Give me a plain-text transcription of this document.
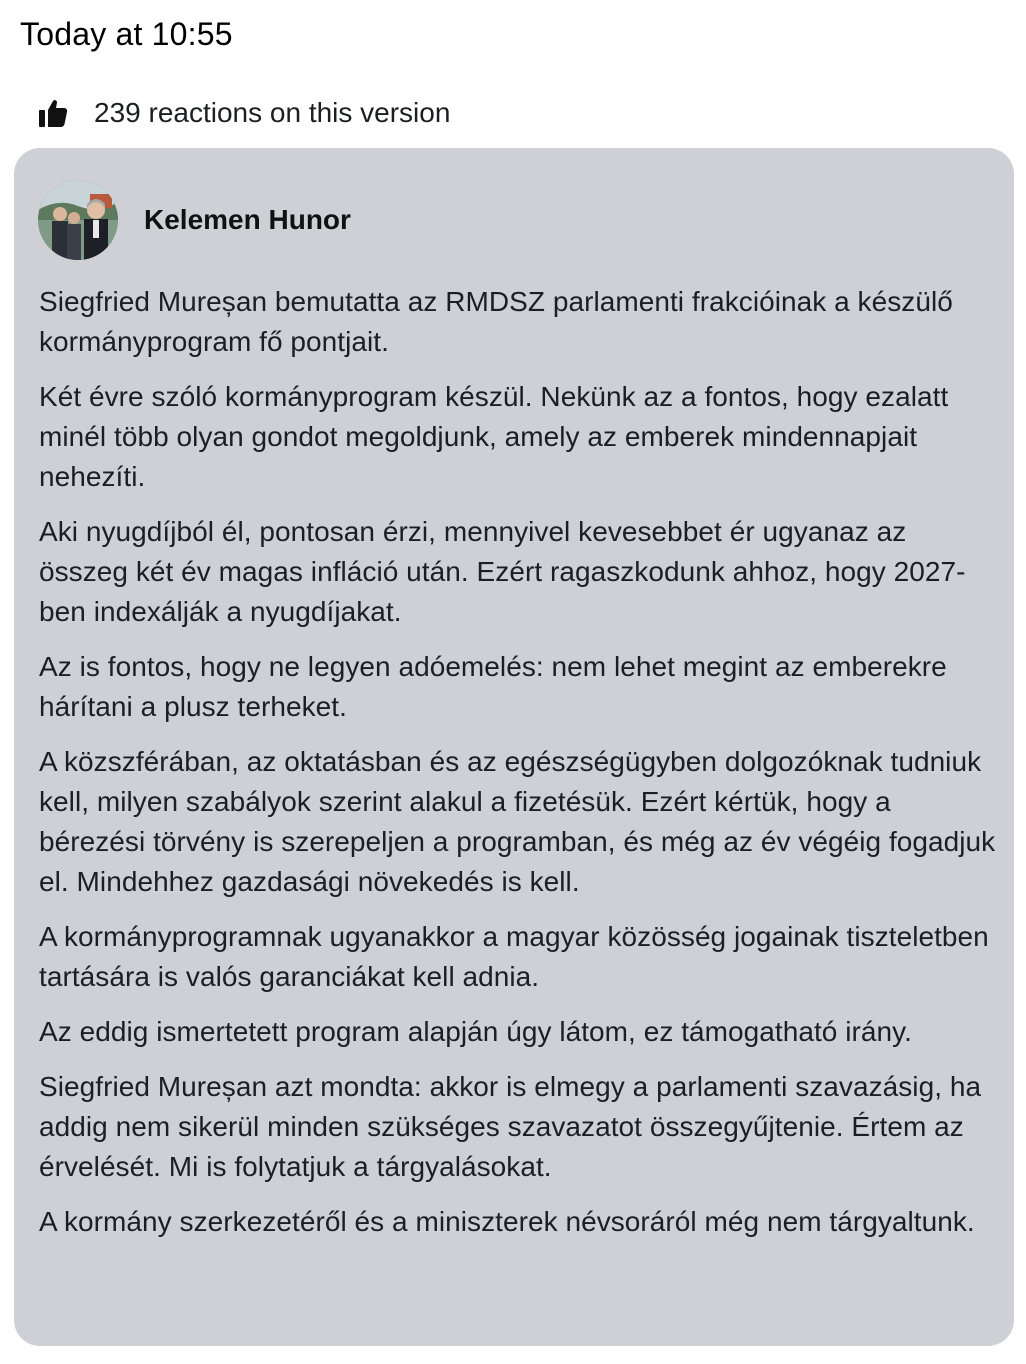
Today at 10:55
239 reactions on this version
Kelemen Hunor

Siegfried Mureșan bemutatta az RMDSZ parlamenti frakcióinak a készülő kormányprogram fő pontjait.

Két évre szóló kormányprogram készül. Nekünk az a fontos, hogy ezalatt minél több olyan gondot megoldjunk, amely az emberek mindennapjait nehezíti.

Aki nyugdíjból él, pontosan érzi, mennyivel kevesebbet ér ugyanaz az összeg két év magas infláció után. Ezért ragaszkodunk ahhoz, hogy 2027-ben indexálják a nyugdíjakat.

Az is fontos, hogy ne legyen adóemelés: nem lehet megint az emberekre hárítani a plusz terheket.

A közszférában, az oktatásban és az egészségügyben dolgozóknak tudniuk kell, milyen szabályok szerint alakul a fizetésük. Ezért kértük, hogy a bérezési törvény is szerepeljen a programban, és még az év végéig fogadjuk el. Mindehhez gazdasági növekedés is kell.

A kormányprogramnak ugyanakkor a magyar közösség jogainak tiszteletben tartására is valós garanciákat kell adnia.

Az eddig ismertetett program alapján úgy látom, ez támogatható irány.

Siegfried Mureșan azt mondta: akkor is elmegy a parlamenti szavazásig, ha addig nem sikerül minden szükséges szavazatot összegyűjtenie. Értem az érvelését. Mi is folytatjuk a tárgyalásokat.

A kormány szerkezetéről és a miniszterek névsoráról még nem tárgyaltunk.
